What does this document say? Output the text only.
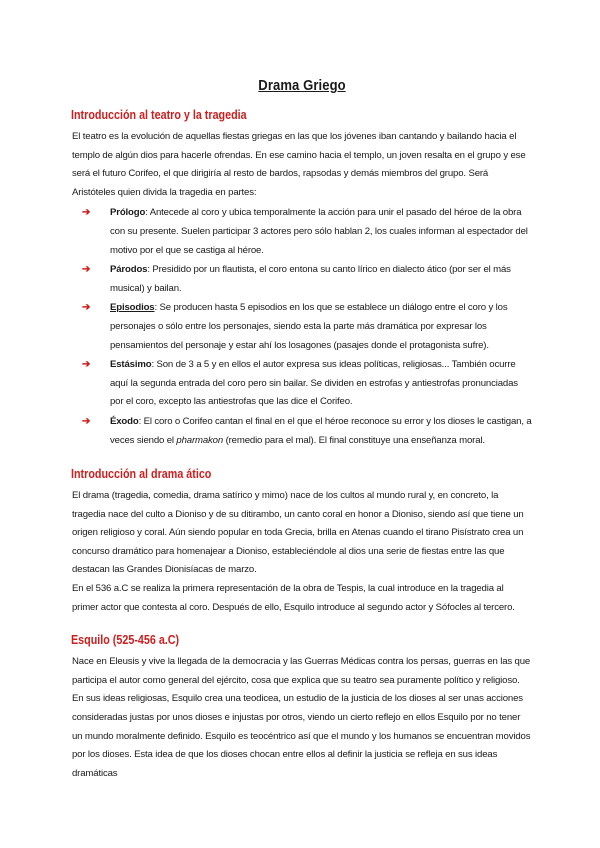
Drama Griego
Introducción al teatro y la tragedia

El teatro es la evolución de aquellas fiestas griegas en las que los jóvenes iban cantando y bailando hacia el templo de algún dios para hacerle ofrendas. En ese camino hacia el templo, un joven resalta en el grupo y ese será el futuro Corifeo, el que dirigiría al resto de bardos, rapsodas y demás miembros del grupo. Será Aristóteles quien divida la tragedia en partes:

➔ Prólogo: Antecede al coro y ubica temporalmente la acción para unir el pasado del héroe de la obra con su presente. Suelen participar 3 actores pero sólo hablan 2, los cuales informan al espectador del motivo por el que se castiga al héroe.
➔ Párodos: Presidido por un flautista, el coro entona su canto lírico en dialecto ático (por ser el más musical) y bailan.
➔ Episodios: Se producen hasta 5 episodios en los que se establece un diálogo entre el coro y los personajes o sólo entre los personajes, siendo esta la parte más dramática por expresar los pensamientos del personaje y estar ahí los losagones (pasajes donde el protagonista sufre).
➔ Estásimo: Son de 3 a 5 y en ellos el autor expresa sus ideas políticas, religiosas... También ocurre aquí la segunda entrada del coro pero sin bailar. Se dividen en estrofas y antiestrofas pronunciadas por el coro, excepto las antiestrofas que las dice el Corifeo.
➔ Éxodo: El coro o Corifeo cantan el final en el que el héroe reconoce su error y los dioses le castigan, a veces siendo el pharmakon (remedio para el mal). El final constituye una enseñanza moral.
Introducción al drama ático

El drama (tragedia, comedia, drama satírico y mimo) nace de los cultos al mundo rural y, en concreto, la tragedia nace del culto a Dioniso y de su ditirambo, un canto coral en honor a Dioniso, siendo así que tiene un origen religioso y coral. Aún siendo popular en toda Grecia, brilla en Atenas cuando el tirano Pisístrato crea un concurso dramático para homenajear a Dioniso, estableciéndole al dios una serie de fiestas entre las que destacan las Grandes Dionisíacas de marzo.

En el 536 a.C se realiza la primera representación de la obra de Tespis, la cual introduce en la tragedia al primer actor que contesta al coro. Después de ello, Esquilo introduce al segundo actor y Sófocles al tercero.

Esquilo (525-456 a.C)

Nace en Eleusis y vive la llegada de la democracia y las Guerras Médicas contra los persas, guerras en las que participa el autor como general del ejército, cosa que explica que su teatro sea puramente político y religioso.

En sus ideas religiosas, Esquilo crea una teodicea, un estudio de la justicia de los dioses al ser unas acciones consideradas justas por unos dioses e injustas por otros, viendo un cierto reflejo en ellos Esquilo por no tener un mundo moralmente definido. Esquilo es teocéntrico así que el mundo y los humanos se encuentran movidos por los dioses. Esta idea de que los dioses chocan entre ellos al definir la justicia se refleja en sus ideas dramáticas
